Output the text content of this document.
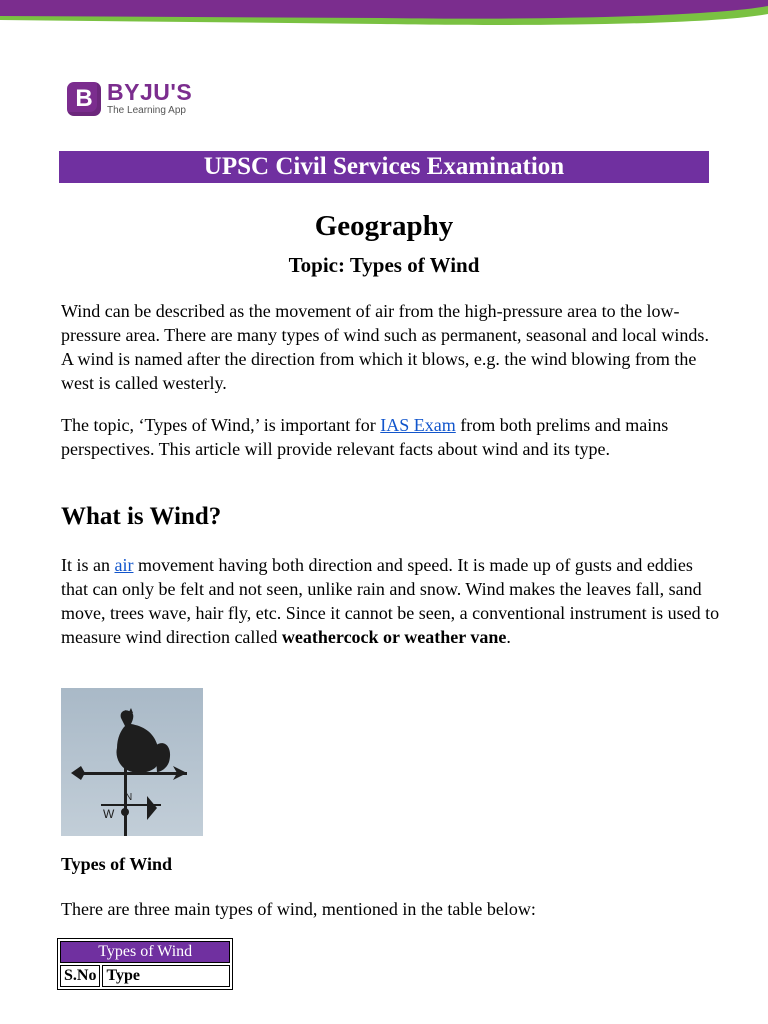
B BYJU'S
The Learning App
UPSC Civil Services Examination
Geography
Topic: Types of Wind

Wind can be described as the movement of air from the high-pressure area to the low-pressure area. There are many types of wind such as permanent, seasonal and local winds. A wind is named after the direction from which it blows, e.g. the wind blowing from the west is called westerly.

The topic, ‘Types of Wind,’ is important for IAS Exam from both prelims and mains perspectives. This article will provide relevant facts about wind and its type.

What is Wind?

It is an air movement having both direction and speed. It is made up of gusts and eddies that can only be felt and not seen, unlike rain and snow. Wind makes the leaves fall, sand move, trees wave, hair fly, etc. Since it cannot be seen, a conventional instrument is used to measure wind direction called weathercock or weather vane.

W
N
Types of Wind

There are three main types of wind, mentioned in the table below:

Types of Wind
S.No	Type
